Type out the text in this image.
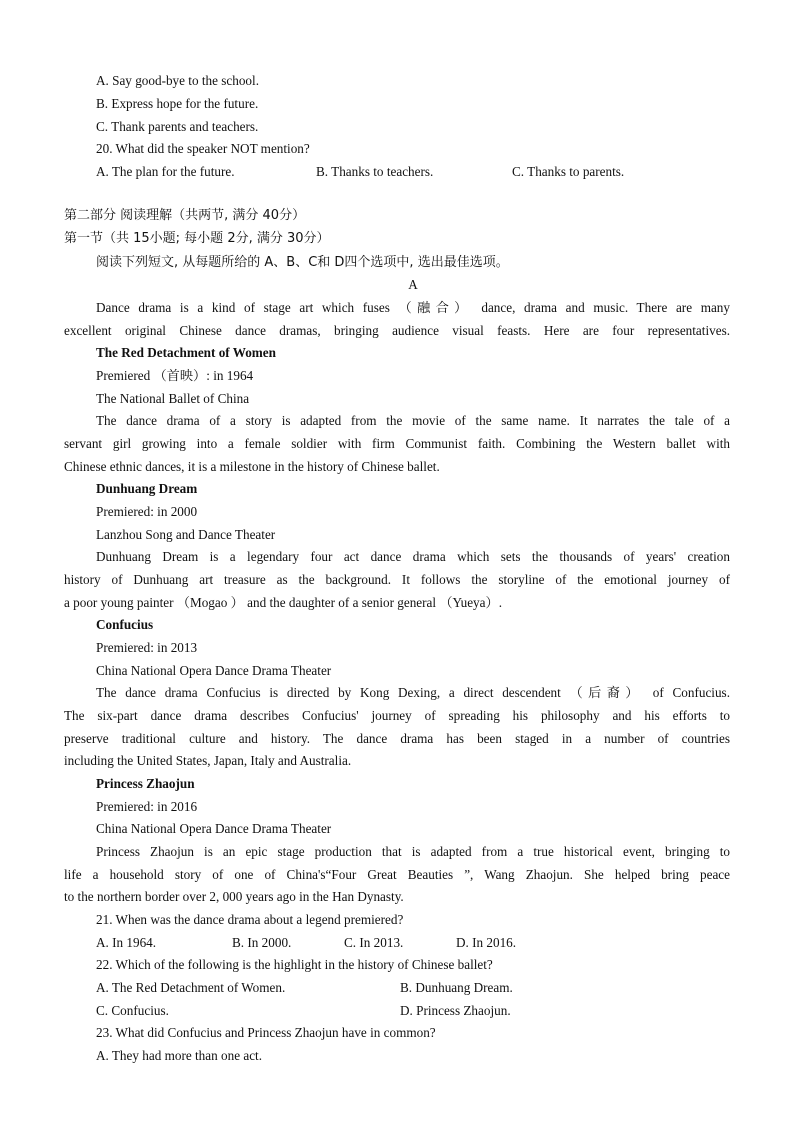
A. Say good-bye to the school.
B. Express hope for the future.
C. Thank parents and teachers.
20. What did the speaker NOT mention?
A. The plan for the future.	B. Thanks to teachers.	C. Thanks to parents.
第二部分 阅读理解（共两节, 满分 40分）
第一节（共 15小题; 每小题 2分, 满分 30分）
阅读下列短文, 从每题所给的 A、B、C和 D四个选项中, 选出最佳选项。
A
Dance drama is a kind of stage art which fuses （融合） dance, drama and music. There are many
excellent original Chinese dance dramas, bringing audience visual feasts. Here are four representatives.
The Red Detachment of Women
Premiered （首映）: in 1964
The National Ballet of China
The dance drama of a story is adapted from the movie of the same name. It narrates the tale of a
servant girl growing into a female soldier with firm Communist faith. Combining the Western ballet with
Chinese ethnic dances, it is a milestone in the history of Chinese ballet.
Dunhuang Dream
Premiered: in 2000
Lanzhou Song and Dance Theater
Dunhuang Dream is a legendary four act dance drama which sets the thousands of years' creation
history of Dunhuang art treasure as the background. It follows the storyline of the emotional journey of
a poor young painter （Mogao ） and the daughter of a senior general （Yueya）.
Confucius
Premiered: in 2013
China National Opera Dance Drama Theater
The dance drama Confucius is directed by Kong Dexing, a direct descendent （后裔） of Confucius.
The six-part dance drama describes Confucius' journey of spreading his philosophy and his efforts to
preserve traditional culture and history. The dance drama has been staged in a number of countries
including the United States, Japan, Italy and Australia.
Princess Zhaojun
Premiered: in 2016
China National Opera Dance Drama Theater
Princess Zhaojun is an epic stage production that is adapted from a true historical event, bringing to
life a household story of one of China's“Four Great Beauties ”, Wang Zhaojun. She helped bring peace
to the northern border over 2, 000 years ago in the Han Dynasty.
21. When was the dance drama about a legend premiered?
A. In 1964.	B. In 2000.	C. In 2013.	D. In 2016.
22. Which of the following is the highlight in the history of Chinese ballet?
A. The Red Detachment of Women.	B. Dunhuang Dream.
C. Confucius.	D. Princess Zhaojun.
23. What did Confucius and Princess Zhaojun have in common?
A. They had more than one act.
